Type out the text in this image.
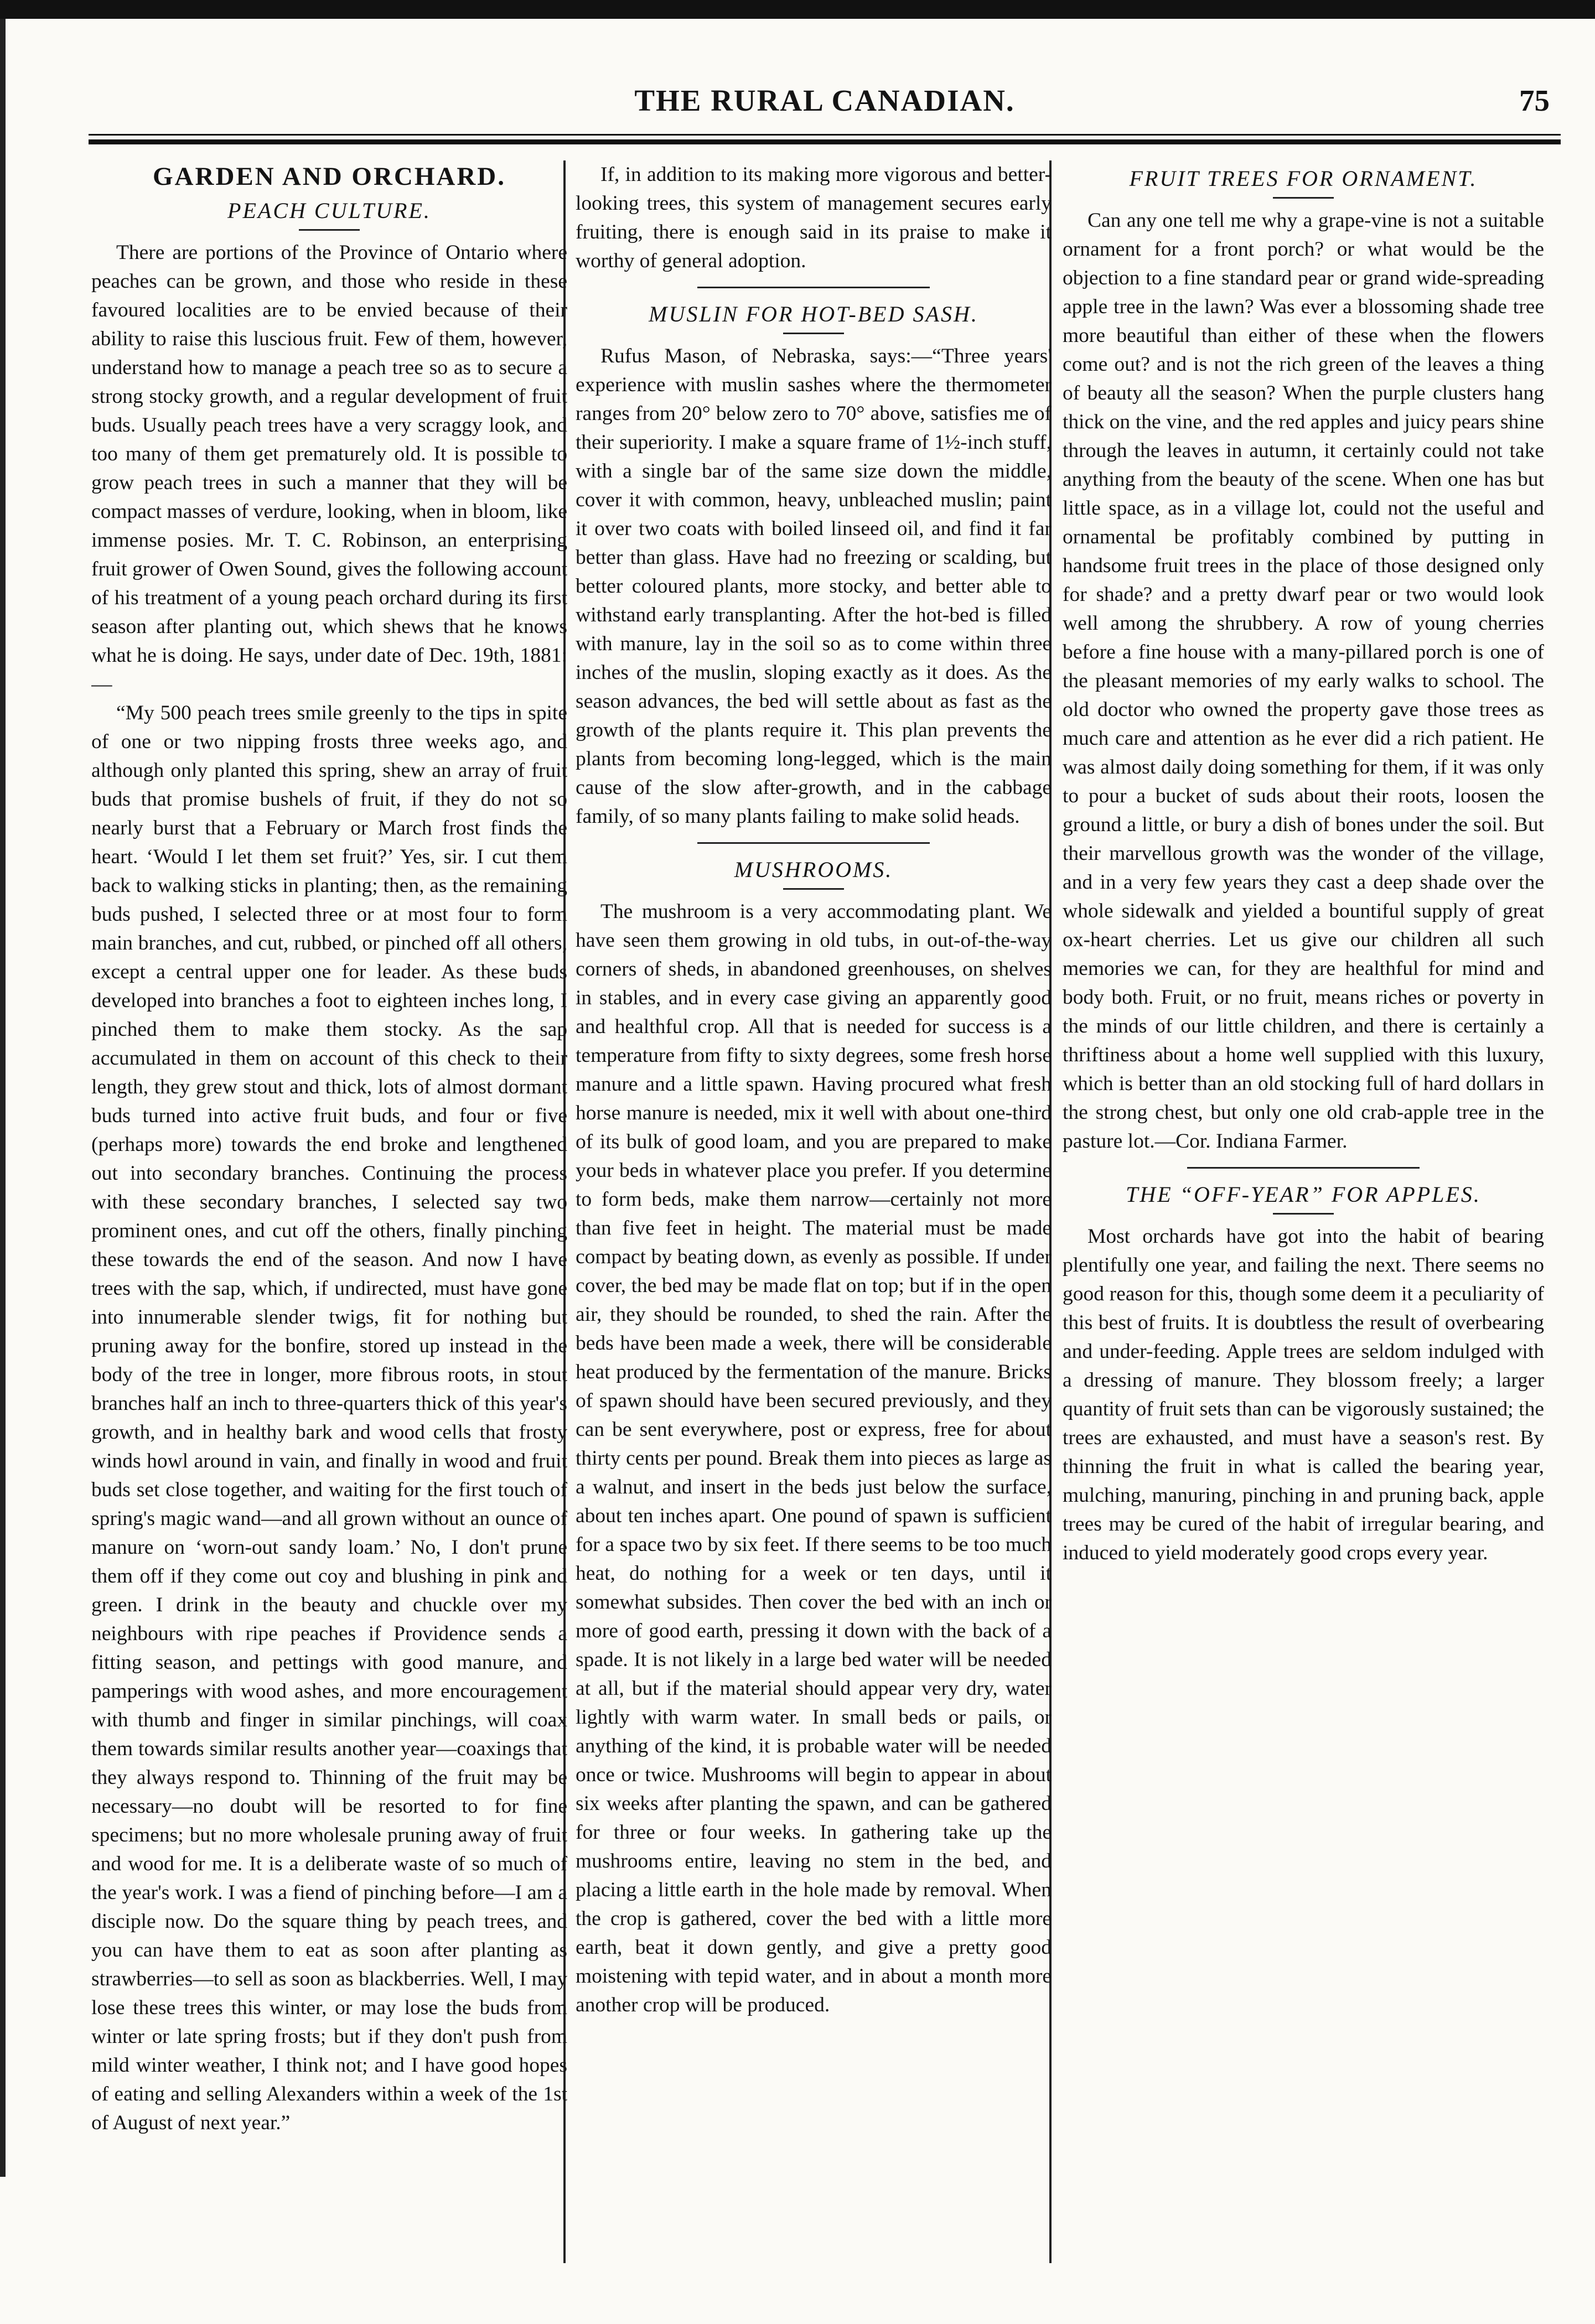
THE RURAL CANADIAN.	75
GARDEN AND ORCHARD.
PEACH CULTURE.

There are portions of the Province of Ontario where peaches can be grown, and those who reside in these favoured localities are to be envied because of their ability to raise this luscious fruit. Few of them, however, understand how to manage a peach tree so as to secure a strong stocky growth, and a regular development of fruit buds. Usually peach trees have a very scraggy look, and too many of them get prematurely old. It is possible to grow peach trees in such a manner that they will be compact masses of verdure, looking, when in bloom, like immense posies. Mr. T. C. Robinson, an enterprising fruit grower of Owen Sound, gives the following account of his treatment of a young peach orchard during its first season after planting out, which shews that he knows what he is doing. He says, under date of Dec. 19th, 1881:—

“My 500 peach trees smile greenly to the tips in spite of one or two nipping frosts three weeks ago, and although only planted this spring, shew an array of fruit buds that promise bushels of fruit, if they do not so nearly burst that a February or March frost finds the heart. ‘Would I let them set fruit?’ Yes, sir. I cut them back to walking sticks in planting; then, as the remaining buds pushed, I selected three or at most four to form main branches, and cut, rubbed, or pinched off all others, except a central upper one for leader. As these buds developed into branches a foot to eighteen inches long, I pinched them to make them stocky. As the sap accumulated in them on account of this check to their length, they grew stout and thick, lots of almost dormant buds turned into active fruit buds, and four or five (perhaps more) towards the end broke and lengthened out into secondary branches. Continuing the process with these secondary branches, I selected say two prominent ones, and cut off the others, finally pinching these towards the end of the season. And now I have trees with the sap, which, if undirected, must have gone into innumerable slender twigs, fit for nothing but pruning away for the bonfire, stored up instead in the body of the tree in longer, more fibrous roots, in stout branches half an inch to three-quarters thick of this year's growth, and in healthy bark and wood cells that frosty winds howl around in vain, and finally in wood and fruit buds set close together, and waiting for the first touch of spring's magic wand—and all grown without an ounce of manure on ‘worn-out sandy loam.’ No, I don't prune them off if they come out coy and blushing in pink and green. I drink in the beauty and chuckle over my neighbours with ripe peaches if Providence sends a fitting season, and pettings with good manure, and pamperings with wood ashes, and more encouragement with thumb and finger in similar pinchings, will coax them towards similar results another year—coaxings that they always respond to. Thinning of the fruit may be necessary—no doubt will be resorted to for fine specimens; but no more wholesale pruning away of fruit and wood for me. It is a deliberate waste of so much of the year's work. I was a fiend of pinching before—I am a disciple now. Do the square thing by peach trees, and you can have them to eat as soon after planting as strawberries—to sell as soon as blackberries. Well, I may lose these trees this winter, or may lose the buds from winter or late spring frosts; but if they don't push from mild winter weather, I think not; and I have good hopes of eating and selling Alexanders within a week of the 1st of August of next year.”

If, in addition to its making more vigorous and better-looking trees, this system of management secures early fruiting, there is enough said in its praise to make it worthy of general adoption.

MUSLIN FOR HOT-BED SASH.

Rufus Mason, of Nebraska, says:—“Three years' experience with muslin sashes where the thermometer ranges from 20° below zero to 70° above, satisfies me of their superiority. I make a square frame of 1½-inch stuff, with a single bar of the same size down the middle, cover it with common, heavy, unbleached muslin; paint it over two coats with boiled linseed oil, and find it far better than glass. Have had no freezing or scalding, but better coloured plants, more stocky, and better able to withstand early transplanting. After the hot-bed is filled with manure, lay in the soil so as to come within three inches of the muslin, sloping exactly as it does. As the season advances, the bed will settle about as fast as the growth of the plants require it. This plan prevents the plants from becoming long-legged, which is the main cause of the slow after-growth, and in the cabbage family, of so many plants failing to make solid heads.

MUSHROOMS.

The mushroom is a very accommodating plant. We have seen them growing in old tubs, in out-of-the-way corners of sheds, in abandoned greenhouses, on shelves in stables, and in every case giving an apparently good and healthful crop. All that is needed for success is a temperature from fifty to sixty degrees, some fresh horse manure and a little spawn. Having procured what fresh horse manure is needed, mix it well with about one-third of its bulk of good loam, and you are prepared to make your beds in whatever place you prefer. If you determine to form beds, make them narrow—certainly not more than five feet in height. The material must be made compact by beating down, as evenly as possible. If under cover, the bed may be made flat on top; but if in the open air, they should be rounded, to shed the rain. After the beds have been made a week, there will be considerable heat produced by the fermentation of the manure. Bricks of spawn should have been secured previously, and they can be sent everywhere, post or express, free for about thirty cents per pound. Break them into pieces as large as a walnut, and insert in the beds just below the surface, about ten inches apart. One pound of spawn is sufficient for a space two by six feet. If there seems to be too much heat, do nothing for a week or ten days, until it somewhat subsides. Then cover the bed with an inch or more of good earth, pressing it down with the back of a spade. It is not likely in a large bed water will be needed at all, but if the material should appear very dry, water lightly with warm water. In small beds or pails, or anything of the kind, it is probable water will be needed once or twice. Mushrooms will begin to appear in about six weeks after planting the spawn, and can be gathered for three or four weeks. In gathering take up the mushrooms entire, leaving no stem in the bed, and placing a little earth in the hole made by removal. When the crop is gathered, cover the bed with a little more earth, beat it down gently, and give a pretty good moistening with tepid water, and in about a month more another crop will be produced.

FRUIT TREES FOR ORNAMENT.

Can any one tell me why a grape-vine is not a suitable ornament for a front porch? or what would be the objection to a fine standard pear or grand wide-spreading apple tree in the lawn? Was ever a blossoming shade tree more beautiful than either of these when the flowers come out? and is not the rich green of the leaves a thing of beauty all the season? When the purple clusters hang thick on the vine, and the red apples and juicy pears shine through the leaves in autumn, it certainly could not take anything from the beauty of the scene. When one has but little space, as in a village lot, could not the useful and ornamental be profitably combined by putting in handsome fruit trees in the place of those designed only for shade? and a pretty dwarf pear or two would look well among the shrubbery. A row of young cherries before a fine house with a many-pillared porch is one of the pleasant memories of my early walks to school. The old doctor who owned the property gave those trees as much care and attention as he ever did a rich patient. He was almost daily doing something for them, if it was only to pour a bucket of suds about their roots, loosen the ground a little, or bury a dish of bones under the soil. But their marvellous growth was the wonder of the village, and in a very few years they cast a deep shade over the whole sidewalk and yielded a bountiful supply of great ox-heart cherries. Let us give our children all such memories we can, for they are healthful for mind and body both. Fruit, or no fruit, means riches or poverty in the minds of our little children, and there is certainly a thriftiness about a home well supplied with this luxury, which is better than an old stocking full of hard dollars in the strong chest, but only one old crab-apple tree in the pasture lot.—Cor. Indiana Farmer.

THE “OFF-YEAR” FOR APPLES.

Most orchards have got into the habit of bearing plentifully one year, and failing the next. There seems no good reason for this, though some deem it a peculiarity of this best of fruits. It is doubtless the result of overbearing and under-feeding. Apple trees are seldom indulged with a dressing of manure. They blossom freely; a larger quantity of fruit sets than can be vigorously sustained; the trees are exhausted, and must have a season's rest. By thinning the fruit in what is called the bearing year, mulching, manuring, pinching in and pruning back, apple trees may be cured of the habit of irregular bearing, and induced to yield moderately good crops every year.
